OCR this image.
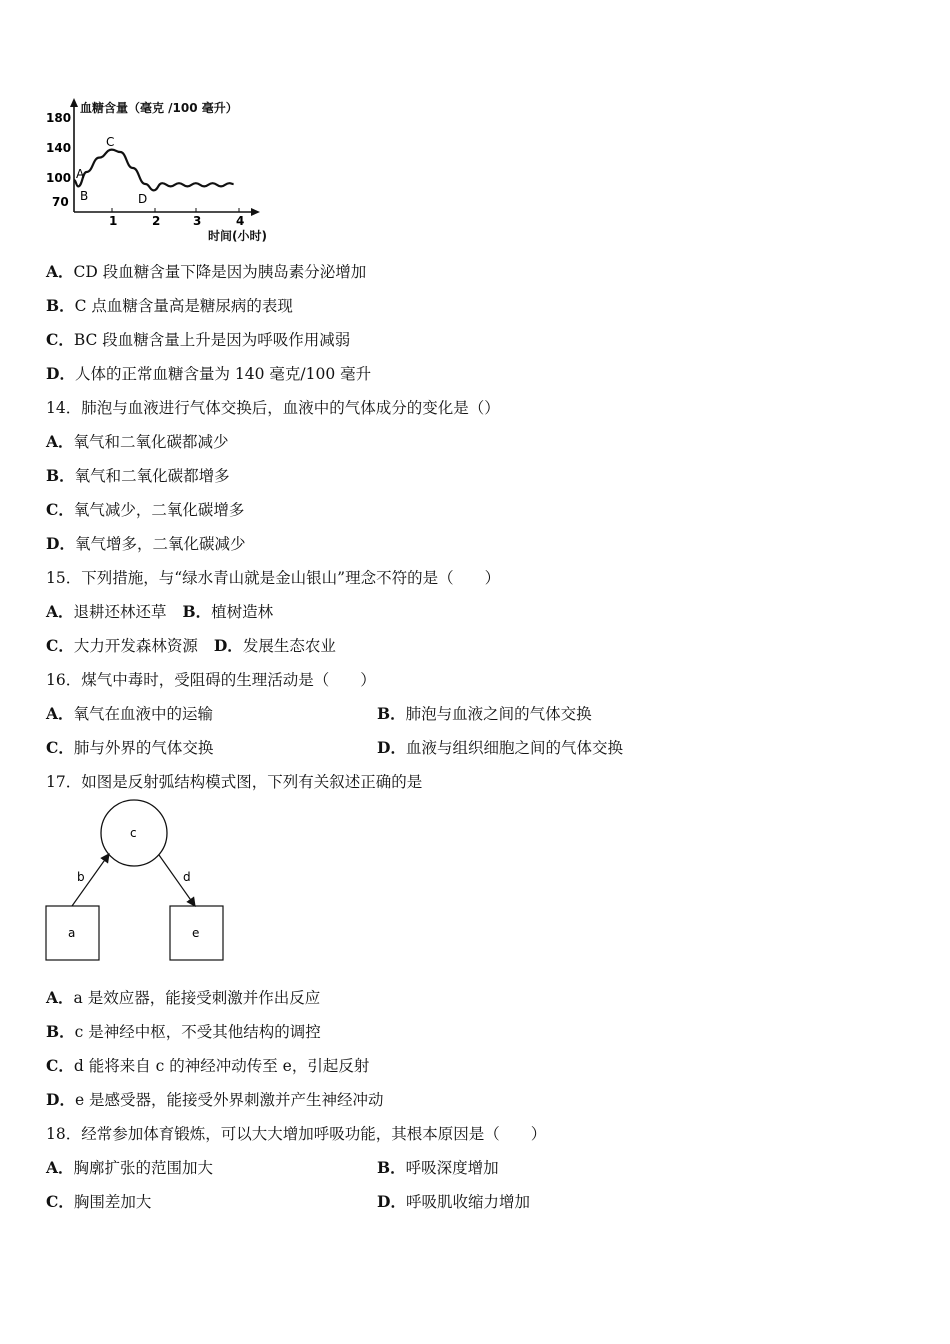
血糖含量（毫克 /100 毫升）
180
140
100
70
1	2	3	4
时间(小时)
A
B
C
D
A．CD 段血糖含量下降是因为胰岛素分泌增加
B．C 点血糖含量高是糖尿病的表现
C．BC 段血糖含量上升是因为呼吸作用减弱
D．人体的正常血糖含量为 140 毫克/100 毫升
14．肺泡与血液进行气体交换后，血液中的气体成分的变化是（）
A．氧气和二氧化碳都减少
B．氧气和二氧化碳都增多
C．氧气减少，二氧化碳增多
D．氧气增多，二氧化碳减少
15．下列措施，与“绿水青山就是金山银山”理念不符的是（　　）
A．退耕还林还草 B．植树造林
C．大力开发森林资源 D．发展生态农业
16．煤气中毒时，受阻碍的生理活动是（　　）
A．氧气在血液中的运输	B．肺泡与血液之间的气体交换
C．肺与外界的气体交换	D．血液与组织细胞之间的气体交换
17．如图是反射弧结构模式图，下列有关叙述正确的是
c
b	d
a	e
A．a 是效应器，能接受刺激并作出反应
B．c 是神经中枢，不受其他结构的调控
C．d 能将来自 c 的神经冲动传至 e，引起反射
D．e 是感受器，能接受外界刺激并产生神经冲动
18．经常参加体育锻炼，可以大大增加呼吸功能，其根本原因是（　　）
A．胸廓扩张的范围加大	B．呼吸深度增加
C．胸围差加大	D．呼吸肌收缩力增加
